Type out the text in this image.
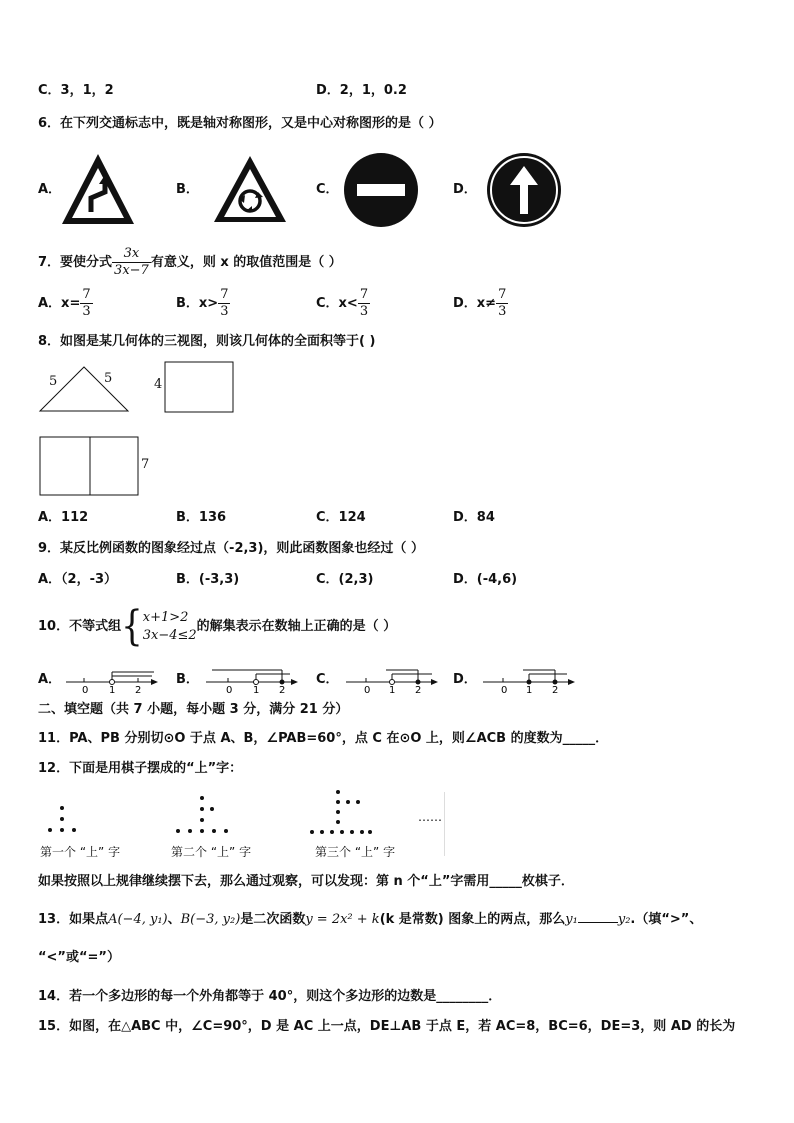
C．3，1，2	D．2，1，0.2
6．在下列交通标志中，既是轴对称图形，又是中心对称图形的是（ ）
A．	B．	C．	D．
7．要使分式 $\frac{3x}{3x-7}$ 有意义，则 x 的取值范围是（ ）
A．$x= \frac{7}{3}$	B．$x> \frac{7}{3}$	C．$x< \frac{7}{3}$	D．$x\ne \frac{7}{3}$
8．如图是某几何体的三视图，则该几何体的全面积等于( )
5	5	4
7
A．112	B．136	C．124	D．84
9．某反比例函数的图象经过点（-2,3)，则此函数图象也经过（ ）
A．（2，-3）	B．(-3,3)	C．(2,3)	D．(-4,6)
10．不等式组{ x+1>2
3x−4≤2
的解集表示在数轴上正确的是（ ）
A．	B．	C．	D．
0 1 2	0 1 2	0 1 2	0 1 2
二、填空题（共 7 小题，每小题 3 分，满分 21 分）
11．PA、PB 分别切⊙O 于点 A、B，∠PAB=60°，点 C 在⊙O 上，则∠ACB 的度数为_____．
12．下面是用棋子摆成的“上”字：
……
第一个 “上” 字	第二个 “上” 字	第三个 “上” 字
如果按照以上规律继续摆下去，那么通过观察，可以发现：第 n 个“上”字需用_____枚棋子．
13．如果点A(−4, y₁)、B(−3, y₂)是二次函数y = 2x² + k(k 是常数) 图象上的两点，那么y₁	y₂.（填“>”、
“<”或“=”）
14．若一个多边形的每一个外角都等于 40°，则这个多边形的边数是________．
15．如图，在△ABC 中，∠C=90°，D 是 AC 上一点，DE⊥AB 于点 E，若 AC=8，BC=6，DE=3，则 AD 的长为
